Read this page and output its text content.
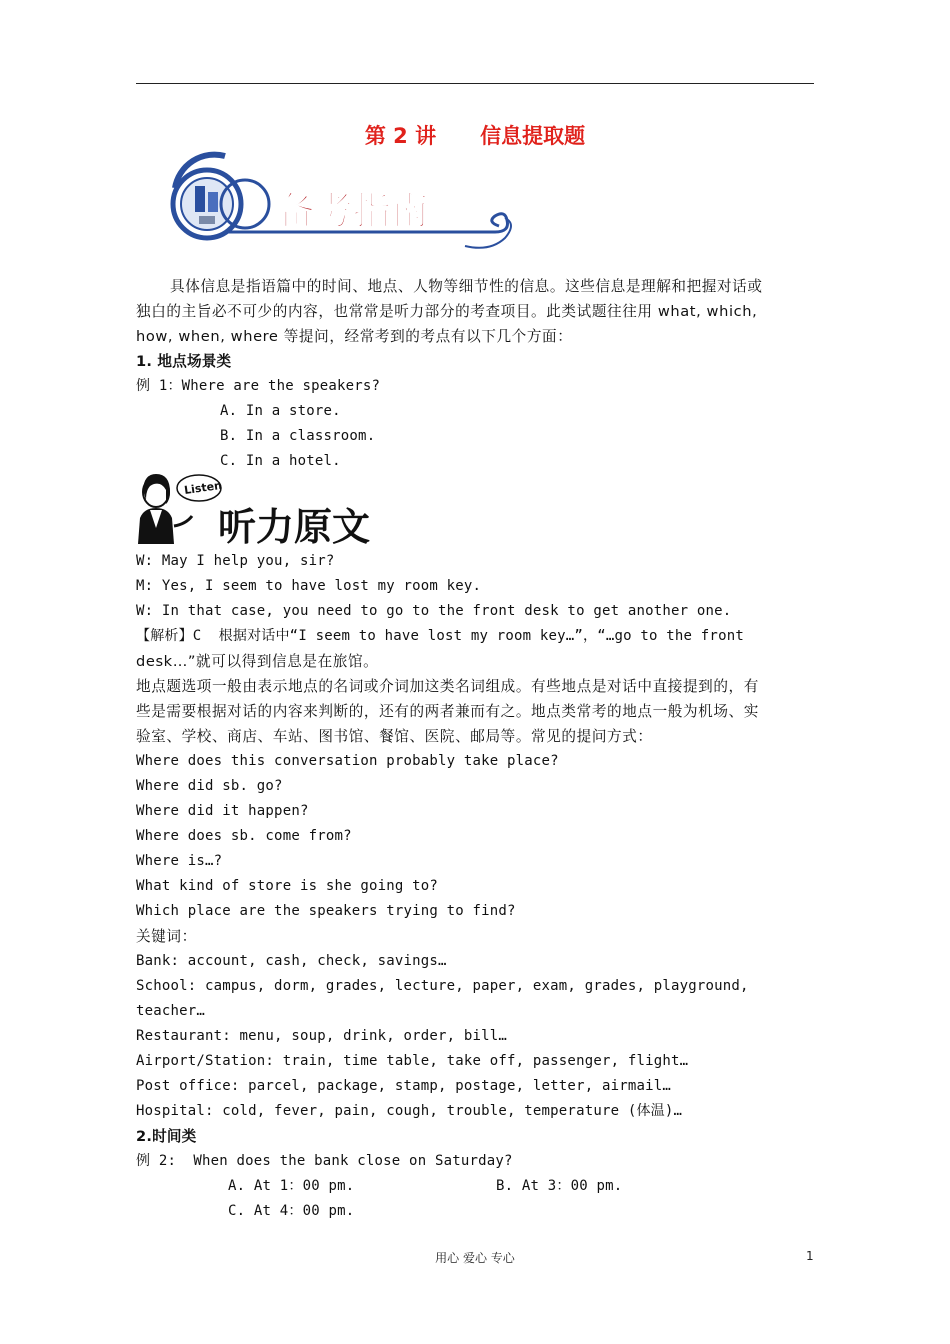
第 2 讲 信息提取题
备考指南
具体信息是指语篇中的时间、地点、人物等细节性的信息。这些信息是理解和把握对话或
独白的主旨必不可少的内容，也常常是听力部分的考查项目。此类试题往往用 what, which,
how, when, where 等提问，经常考到的考点有以下几个方面：
1. 地点场景类
例 1：Where are the speakers?
A. In a store.
B. In a classroom.
C. In a hotel.
W: May I help you, sir?
M: Yes, I seem to have lost my room key.
W: In that case, you need to go to the front desk to get another one.
【解析】C  根据对话中“I seem to have lost my room key…”，“…go to the front
desk…”就可以得到信息是在旅馆。
地点题选项一般由表示地点的名词或介词加这类名词组成。有些地点是对话中直接提到的，有
些是需要根据对话的内容来判断的，还有的两者兼而有之。地点类常考的地点一般为机场、实
验室、学校、商店、车站、图书馆、餐馆、医院、邮局等。常见的提问方式：
Where does this conversation probably take place?
Where did sb. go?
Where did it happen?
Where does sb. come from?
Where is…?
What kind of store is she going to?
Which place are the speakers trying to find?
关键词：
Bank: account, cash, check, savings…
School: campus, dorm, grades, lecture, paper, exam, grades, playground,
teacher…
Restaurant: menu, soup, drink, order, bill…
Airport/Station: train, time table, take off, passenger, flight…
Post office: parcel, package, stamp, postage, letter, airmail…
Hospital: cold, fever, pain, cough, trouble, temperature (体温)…
2.时间类
例 2:  When does the bank close on Saturday?
A. At 1：00 pm.	B. At 3：00 pm.
C. At 4：00 pm.
Listen
听力原文
用心 爱心 专心	1
